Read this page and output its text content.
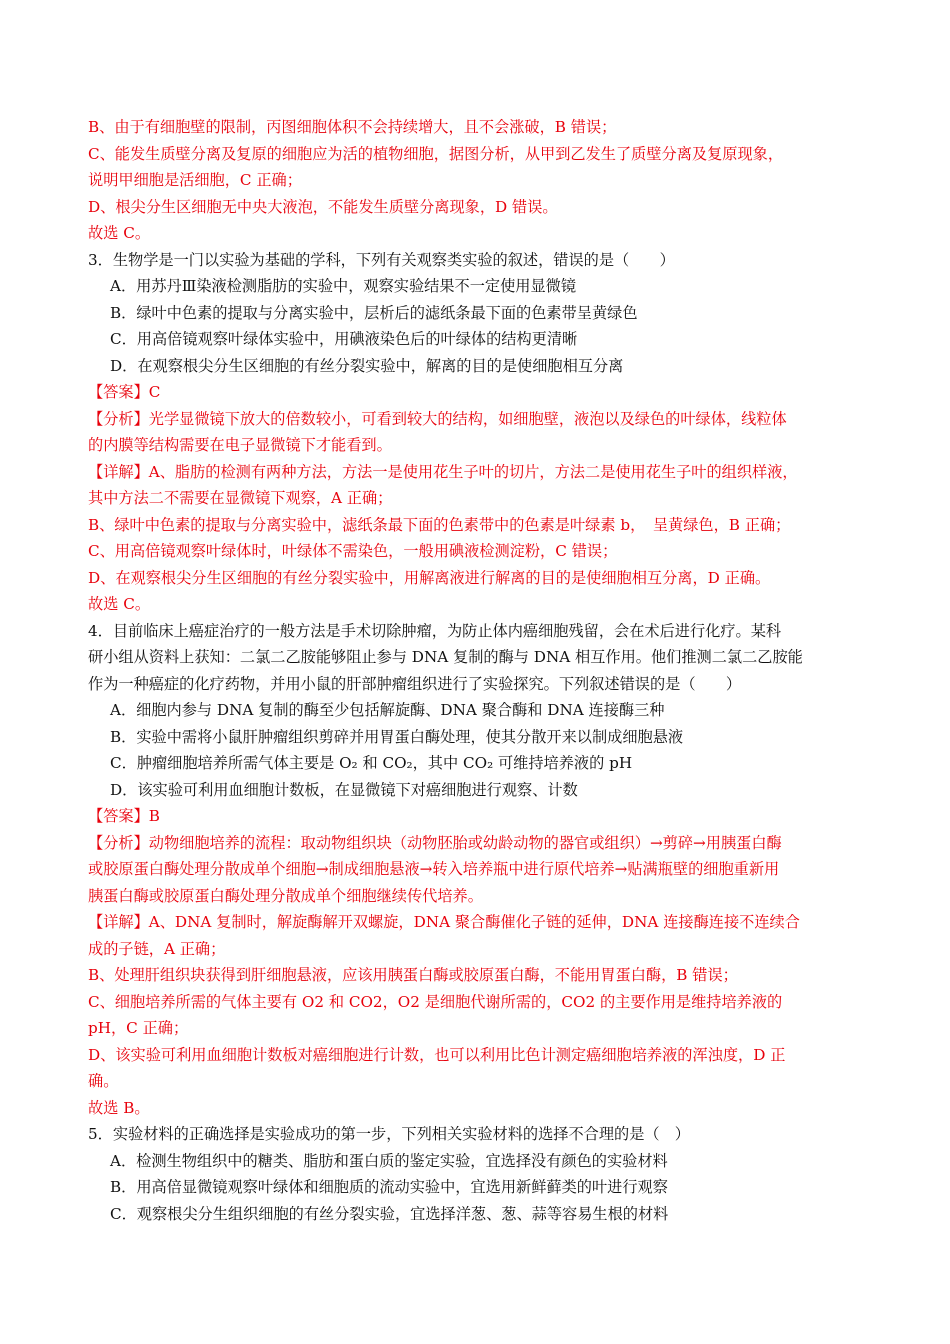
B、由于有细胞壁的限制，丙图细胞体积不会持续增大，且不会涨破，B 错误；
C、能发生质壁分离及复原的细胞应为活的植物细胞，据图分析，从甲到乙发生了质壁分离及复原现象，
说明甲细胞是活细胞，C 正确；
D、根尖分生区细胞无中央大液泡，不能发生质壁分离现象，D 错误。
故选 C。
3．生物学是一门以实验为基础的学科，下列有关观察类实验的叙述，错误的是（　　）
A．用苏丹Ⅲ染液检测脂肪的实验中，观察实验结果不一定使用显微镜
B．绿叶中色素的提取与分离实验中，层析后的滤纸条最下面的色素带呈黄绿色
C．用高倍镜观察叶绿体实验中，用碘液染色后的叶绿体的结构更清晰
D．在观察根尖分生区细胞的有丝分裂实验中，解离的目的是使细胞相互分离
【答案】C
【分析】光学显微镜下放大的倍数较小，可看到较大的结构，如细胞壁，液泡以及绿色的叶绿体，线粒体
的内膜等结构需要在电子显微镜下才能看到。
【详解】A、脂肪的检测有两种方法，方法一是使用花生子叶的切片，方法二是使用花生子叶的组织样液，
其中方法二不需要在显微镜下观察，A 正确；
B、绿叶中色素的提取与分离实验中，滤纸条最下面的色素带中的色素是叶绿素 b，　呈黄绿色，B 正确；
C、用高倍镜观察叶绿体时，叶绿体不需染色，一般用碘液检测淀粉，C 错误；
D、在观察根尖分生区细胞的有丝分裂实验中，用解离液进行解离的目的是使细胞相互分离，D 正确。
故选 C。
4．目前临床上癌症治疗的一般方法是手术切除肿瘤，为防止体内癌细胞残留，会在术后进行化疗。某科
研小组从资料上获知：二氯二乙胺能够阻止参与 DNA 复制的酶与 DNA 相互作用。他们推测二氯二乙胺能
作为一种癌症的化疗药物，并用小鼠的肝部肿瘤组织进行了实验探究。下列叙述错误的是（　　）
A．细胞内参与 DNA 复制的酶至少包括解旋酶、DNA 聚合酶和 DNA 连接酶三种
B．实验中需将小鼠肝肿瘤组织剪碎并用胃蛋白酶处理，使其分散开来以制成细胞悬液
C．肿瘤细胞培养所需气体主要是 O₂ 和 CO₂，其中 CO₂ 可维持培养液的 pH
D．该实验可利用血细胞计数板，在显微镜下对癌细胞进行观察、计数
【答案】B
【分析】动物细胞培养的流程：取动物组织块（动物胚胎或幼龄动物的器官或组织）→剪碎→用胰蛋白酶
或胶原蛋白酶处理分散成单个细胞→制成细胞悬液→转入培养瓶中进行原代培养→贴满瓶壁的细胞重新用
胰蛋白酶或胶原蛋白酶处理分散成单个细胞继续传代培养。
【详解】A、DNA 复制时，解旋酶解开双螺旋，DNA 聚合酶催化子链的延伸，DNA 连接酶连接不连续合
成的子链，A 正确；
B、处理肝组织块获得到肝细胞悬液，应该用胰蛋白酶或胶原蛋白酶，不能用胃蛋白酶，B 错误；
C、细胞培养所需的气体主要有 O2 和 CO2，O2 是细胞代谢所需的，CO2 的主要作用是维持培养液的
pH，C 正确；
D、该实验可利用血细胞计数板对癌细胞进行计数，也可以利用比色计测定癌细胞培养液的浑浊度，D 正
确。
故选 B。
5．实验材料的正确选择是实验成功的第一步，下列相关实验材料的选择不合理的是（　）
A．检测生物组织中的糖类、脂肪和蛋白质的鉴定实验，宜选择没有颜色的实验材料
B．用高倍显微镜观察叶绿体和细胞质的流动实验中，宜选用新鲜藓类的叶进行观察
C．观察根尖分生组织细胞的有丝分裂实验，宜选择洋葱、葱、蒜等容易生根的材料
